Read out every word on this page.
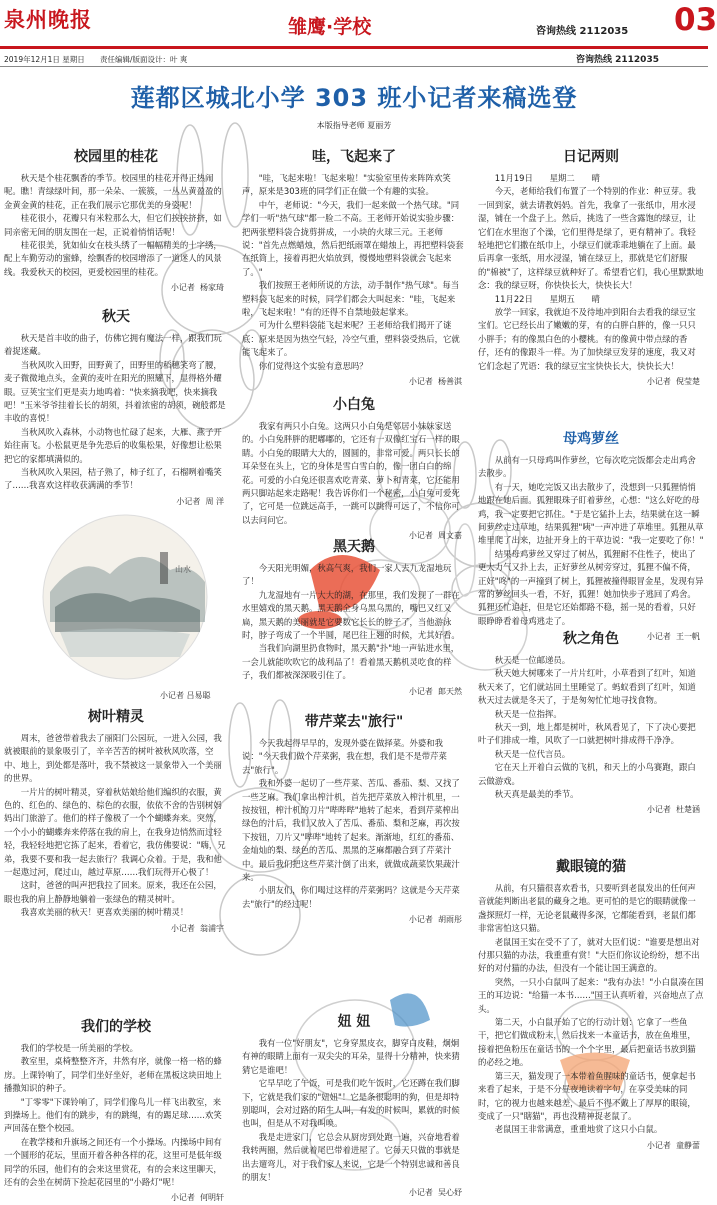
泉州晚报	雏鹰·学校	咨询热线 2112035 03
2019年12月1日 星期日 责任编辑/版面设计：叶 爽	咨询热线 2112035
莲都区城北小学 303 班小记者来稿选登
本版指导老师 夏丽芳
山水
小记者 吕易聪
校园里的桂花

秋天是个桂花飘香的季节。校园里的桂花开得正热闹呢。瞧！青绿绿叶间，那一朵朵、一簇簇，一丛丛黄盈盈的金黄金黄的桂花，正在我们展示它那优美的身姿呢！

桂花很小，花瓣只有米粒那么大，但它们挨挨挤挤，如同亲密无间的朋友围在一起，正说着悄悄话呢！

桂花很美，犹如仙女在枝头绣了一幅幅精美的十字绣，配上车勤劳动的蜜蜂，绘飘香的校园增添了一道迷人的风景线。我爱秋天的校园，更爱校园里的桂花。

小记者  杨家琦
秋天

秋天是首丰收的曲子，仿佛它拥有魔法一样，跟我们玩着捉迷藏。

当秋风吹入田野，田野黄了，田野里的稻穗笑弯了腰，麦子微微地点头，金黄的麦叶在阳光的照耀下，显得格外耀眼。豆荚宝宝们更是卖力地鸣着："快来摘我吧，快来摘我吧！"玉米爷爷挂着长长的胡须，抖着浓密的胡须，碗般都是丰收的喜悦！

当秋风吹入森林，小动物也忙碌了起来，大雁、燕子开始往南飞。小松鼠更是争先恐后的收集松果，好像想让松果把它的家都填满似的。

当秋风吹入果园，桔子熟了，柿子红了，石榴咧着嘴笑了……我喜欢这样收获满满的季节！

小记者  周 洋
树叶精灵

周末，爸爸带着我去了丽阳门公园玩，一进入公园，我就被眼前的景象吸引了，辛辛苦苦的树叶被秋风吹落，空中、地上，到处都是落叶，我不禁被这一景象带入一个美丽的世界。

一片片的树叶精灵，穿着秋姑娘给他们编织的衣服，黄色的、红色的、绿色的、棕色的衣服，依依不舍的告别树妈妈出门旅游了。他们的样子像极了一个个蝴蝶奔来。突然，一个小小的蝴蝶奔来停落在我的肩上，在我身边悄然而过轻轻，我轻轻地把它拣了起来，看着它，我仿佛要说："嗨，兄弟，我要不要和我一起去旅行？我调心众着。于是，我和他一起遨过河，爬过山，越过草原……我们玩得开心极了！

这时，爸爸的叫声把我拉了回来。原来，我还在公园，眼也我的肩上静静地躺着一张绿色的精灵树叶。

我喜欢美丽的秋天！更喜欢美丽的树叶精灵！

小记者  翁浦宇
我们的学校

我们的学校是一所美丽的学校。

教室里，桌椅整整齐齐，井然有序，就像一格一格的蜂房。上课铃响了，同学们坐好坐好，老师在黑板这块田地上播撒知识的种子。

"丁零零"下课铃响了，同学们像鸟儿一样飞出教室，来到操场上。他们有的跳步，有的跳绳，有的踢足球……欢笑声回荡在整个校园。

在教学楼和升旗场之间还有一个小操场。内操场中间有一个圆形的花坛，里面开着各种各样的花，这里可是低年级同学的乐园，他们有的会来这里赏花，有的会来这里聊天，还有的会坐在树荫下捡起花园里的"小路灯"呢！

小记者  何明轩
哇，飞起来了

"哇，飞起来啦！飞起来啦！"实验室里传来阵阵欢笑声，原来是303班的同学们正在做一个有趣的实验。

中午，老师说："今天，我们一起来做一个热气球。"同学们一听"热气球"都一脸二不高。王老师开始说实验步骤：把两张塑料袋合拢剪拼成，一小块的火球三元。王老师说："首先点燃蜡烛，然后把纸雨罩在蜡烛上，再把塑料袋套在纸筒上，接着再把火焰放到，慢慢地塑料袋就会飞起来了。"

我们按照王老师所说的方法，动手制作"热气球"。每当塑料袋飞起来的时候，同学们都会大叫起来："哇，飞起来啦，飞起来啦！"有的还得不自禁地鼓起掌来。

可为什么塑料袋能飞起来呢？王老师给我们揭开了谜底：原来是因为热空气轻，冷空气重，塑料袋受热后，它就能飞起来了。

你们觉得这个实验有意思吗？

小记者  杨善淇
小白兔

我家有两只小白兔。这两只小白兔是邻居小妹妹家送的。小白兔胖胖的肥嘟嘟的，它还有一双像红宝石一样的眼睛。小白兔的眼睛大大的，圆圆的，非常可爱。两只长长的耳朵竖在头上，它的身体是雪白雪白的，像一团白白的绵花。可爱的小白兔还很喜欢吃青菜、萝卜和青菜，它还能用两只脚站起来走路呢！我告诉你们一个秘密，小白兔可爱死了，它可是一位跳远高手，一跳可以跳得可远了，不信你可以去问问它。

小记者  周文嘉
黑天鹅

今天阳光明媚，秋高气爽，我们一家人去九龙湿地玩了！

九龙湿地有一片大大的湖，在那里，我们发现了一群在水里嬉戏的黑天鹅。黑天鹅全身乌黑乌黑的，嘴巴又红又扁，黑天鹅的美丽就是它要数它长长的脖子了，当他游泳时，脖子弯成了一个半圆，尾巴往上翘的时候，尤其好看。

当我们向湖里扔食物时，黑天鹅"扑"地一声钻进水里，一会儿就能吹吹它的战利品了！看着黑天鹅机灵吃食的样子，我们都被深深吸引住了。

小记者  郎天然
带芹菜去"旅行"

今天我起得早早的，发现外婆在做择菜。外婆和我说："今天我们做个芹菜粥，我在想，我们是不是带芹菜去"旅行"。

我和外婆一起切了一些芹菜、苦瓜、番茄、梨、又找了一些芝麻。我们拿出榨汁机，首先把芹菜放入榨汁机里，一按按钮，榨汁机的刀片"哔哔哔"地转了起来，看到芹菜榨出绿色的汁后，我们又放入了苦瓜、番茄、梨和芝麻，再次按下按钮，刀片又"哔哔"地转了起来。渐渐地，红红的番茄、金灿灿的梨、绿色的苦瓜、黑黑的芝麻都融合到了芹菜汁中。最后我们把这些芹菜汁倒了出来，就做成蔬菜饮果蔬汁来。

小朋友们，你们喝过这样的芹菜粥吗？这就是今天芹菜去"旅行"的经过呢！

小记者  胡雨彤
妞 妞

我有一位"好朋友"，它身穿黑皮衣，脚穿白皮鞋，炯炯有神的眼睛上面有一双尖尖的耳朵，显得十分精神，快来猜猜它是谁吧！

它早早吃了午饭，可是我们吃午饭时，它还蹲在我们脚下，它就是我们家的"妞妞"！它是条很聪明的狗，但是却特别聪叫，会对过路的陌生人叫，有发的时候叫，累就的时候也叫，但是从不对我叫唤。

我是走进家门，它总会从厨房到处跑一遍，兴奋地看着我转两圈，然后就着尾巴带着进屋了。它每天只做的事就是出去遛弯儿，对于我们家人来说，它是一个特别忠诚和善良的朋友！

小记者  吴心妤
日记两则

11月19日　　星期二　　晴

今天，老师给我们布置了一个特别的作业：种豆芽。我一回到家，就去请教妈妈。首先，我拿了一张纸巾，用水浸湿，铺在一个盘子上。然后，挑选了一些含露饱的绿豆，让它们在水里泡了个澡，它们里得是绿了，更有精神了。我轻轻地把它们撒在纸巾上，小绿豆们就乖乖地躺在了上面。最后再拿一张纸，用水浸湿，铺在绿豆上，那就是它们舒服的"棉被"了，这样绿豆就种好了。希望看它们，我心里默默地念：我的绿豆呀，你快快长大，快快长大！

11月22日　　星期五　　晴

放学一回家，我就迫不及待地冲到阳台去看我的绿豆宝宝们。它已经长出了嫩嫩的芽，有的白胖白胖的，像一只只小胖手；有的像黑白色的小樱桃。有的像黄中带点绿的香仔，还有的像跟斗一样。为了加快绿豆发芽的速度，我又对它们念起了咒语：我的绿豆宝宝快快长大，快快长大！

小记者  倪莹楚
母鸡萝丝

从前有一只母鸡叫作萝丝，它每次吃完饭都会走出鸡舍去散步。

有一天，她吃完饭又出去散步了，没想到一只狐狸悄悄地跟在她后面。狐狸眼珠子盯着萝丝，心想："这么好吃的母鸡，我一定要把它抓住。"于是它猛扑上去，结果就在这一瞬间萝丝走过草地，结果狐狸"咦"一声冲进了草堆里。狐狸从草堆里爬了出来，边扯开身上的干草边说："我一定要吃了你！"

结果母鸡萝丝又穿过了树丛，狐狸耐不住性子，使出了更大力气又扑上去，正好萝丝从树旁穿过，狐狸不偏不倚，正好"咚"的一声撞到了树上，狐狸被撞得眼冒金星，发现有异常的萝丝回头一看，不好，狐狸！她加快步子逃回了鸡舍。狐狸还忙追赶，但是它还始都路不稳，摇一晃的看着，只好眼睁睁看着母鸡逃走了。

小记者  王一帆
秋之角色

秋天是一位邮递员。

秋天她大树哪来了一片片红叶，小草看到了红叶，知道秋天来了，它们就站回土里睡觉了。蚂蚁看到了红叶，知道秋天过去就是冬天了，于是匆匆忙忙地寻找食物。

秋天是一位指挥。

秋天一到，地上都是树叶，秋风看见了，下了决心要把叶子们排成一堆，风吹了一口就把树叶排成得千净净。

秋天是一位代言员。

它在天上开着白云做的飞机，和天上的小鸟赛跑，跟白云做游戏。

秋天真是最美的季节。

小记者  杜楚涵
戴眼镜的猫

从前，有只猫很喜欢看书，只要听到老鼠发出的任何声音就能判断出老鼠的藏身之地。更可怕的是它的眼睛就像一盏探照灯一样，无论老鼠藏得多深，它都能看到，老鼠们都非常害怕这只猫。

老鼠国王实在受不了了，就对大臣们说："谁要是想出对付那只猫的办法，我重重有赏！"大臣们你议论纷纷，想不出好的对付猫的办法，但没有一个能让国王满意的。

突然，一只小白鼠叫了起来："我有办法！"小白鼠凑在国王的耳边说："给猫一本书……"国王认真听着，兴奋地点了点头。

第二天，小白鼠开始了它的行动计划：它拿了一些鱼干，把它们做成粉末，然后找来一本童话书，放在鱼堆里，接着把鱼粉压在童话书的一个个字里，最后把童话书放到猫的必经之地。

第三天，猫发现了一本带着鱼腥味的童话书，便拿起书来看了起来，于是不分昼夜地读着字句，在享受美味的同时，它的视力也越来越差，最后不得不戴上了厚厚的眼镜，变成了一只"瞎猫"，再也没精神捉老鼠了。

老鼠国王非常满意，重重地赏了这只小白鼠。

小记者  童静蕾
